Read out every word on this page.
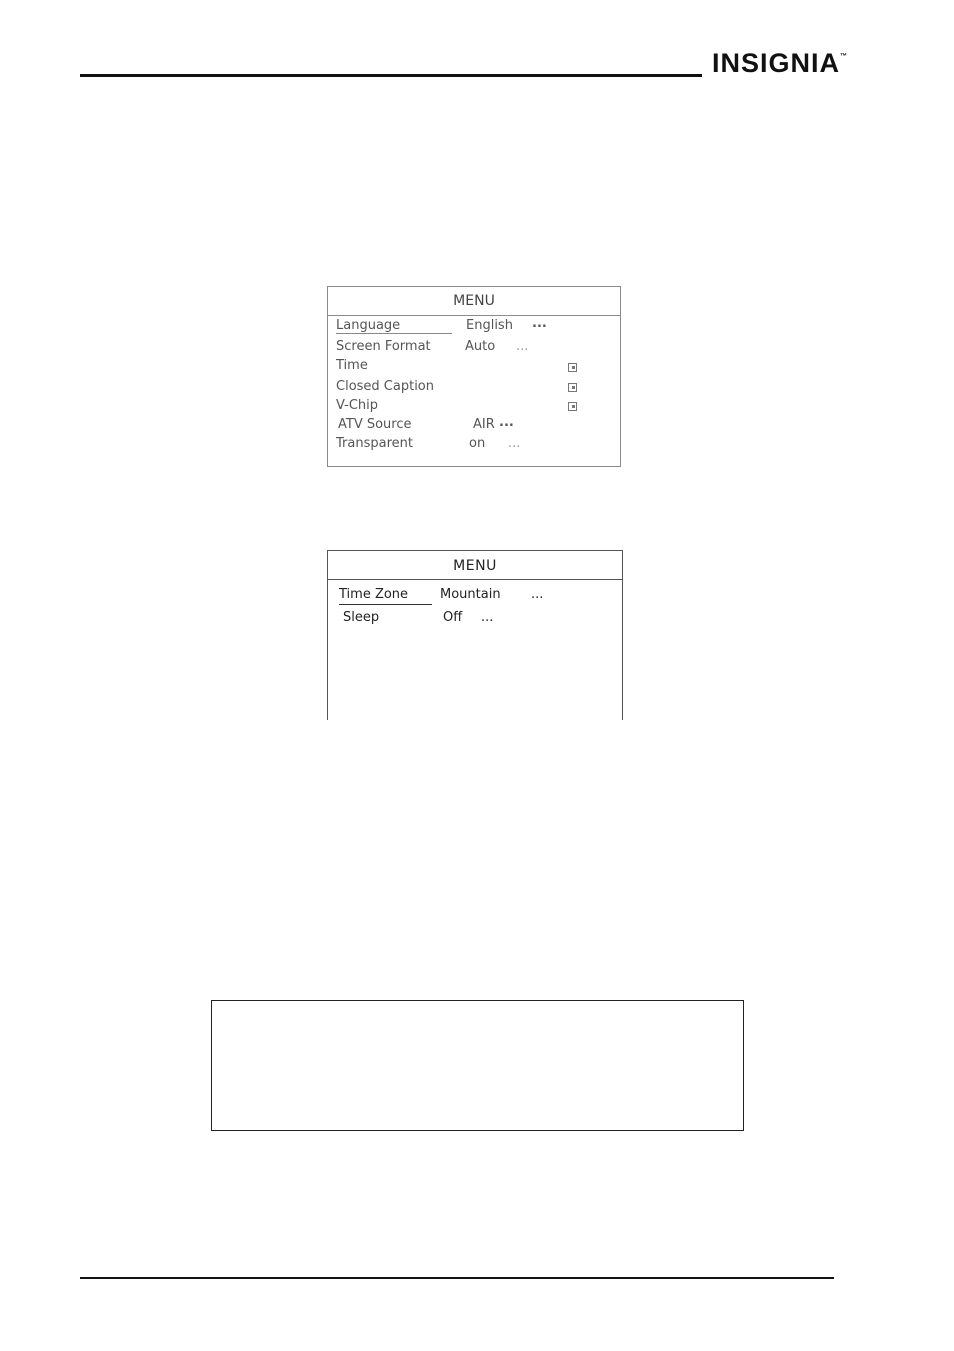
INSIGNIA™
MENU
Language	English ...
Screen Format	Auto ...
Time
Closed Caption
V-Chip
ATV Source	AIR ...
Transparent	on ...
MENU
Time Zone	Mountain ...
Sleep	Off ...
